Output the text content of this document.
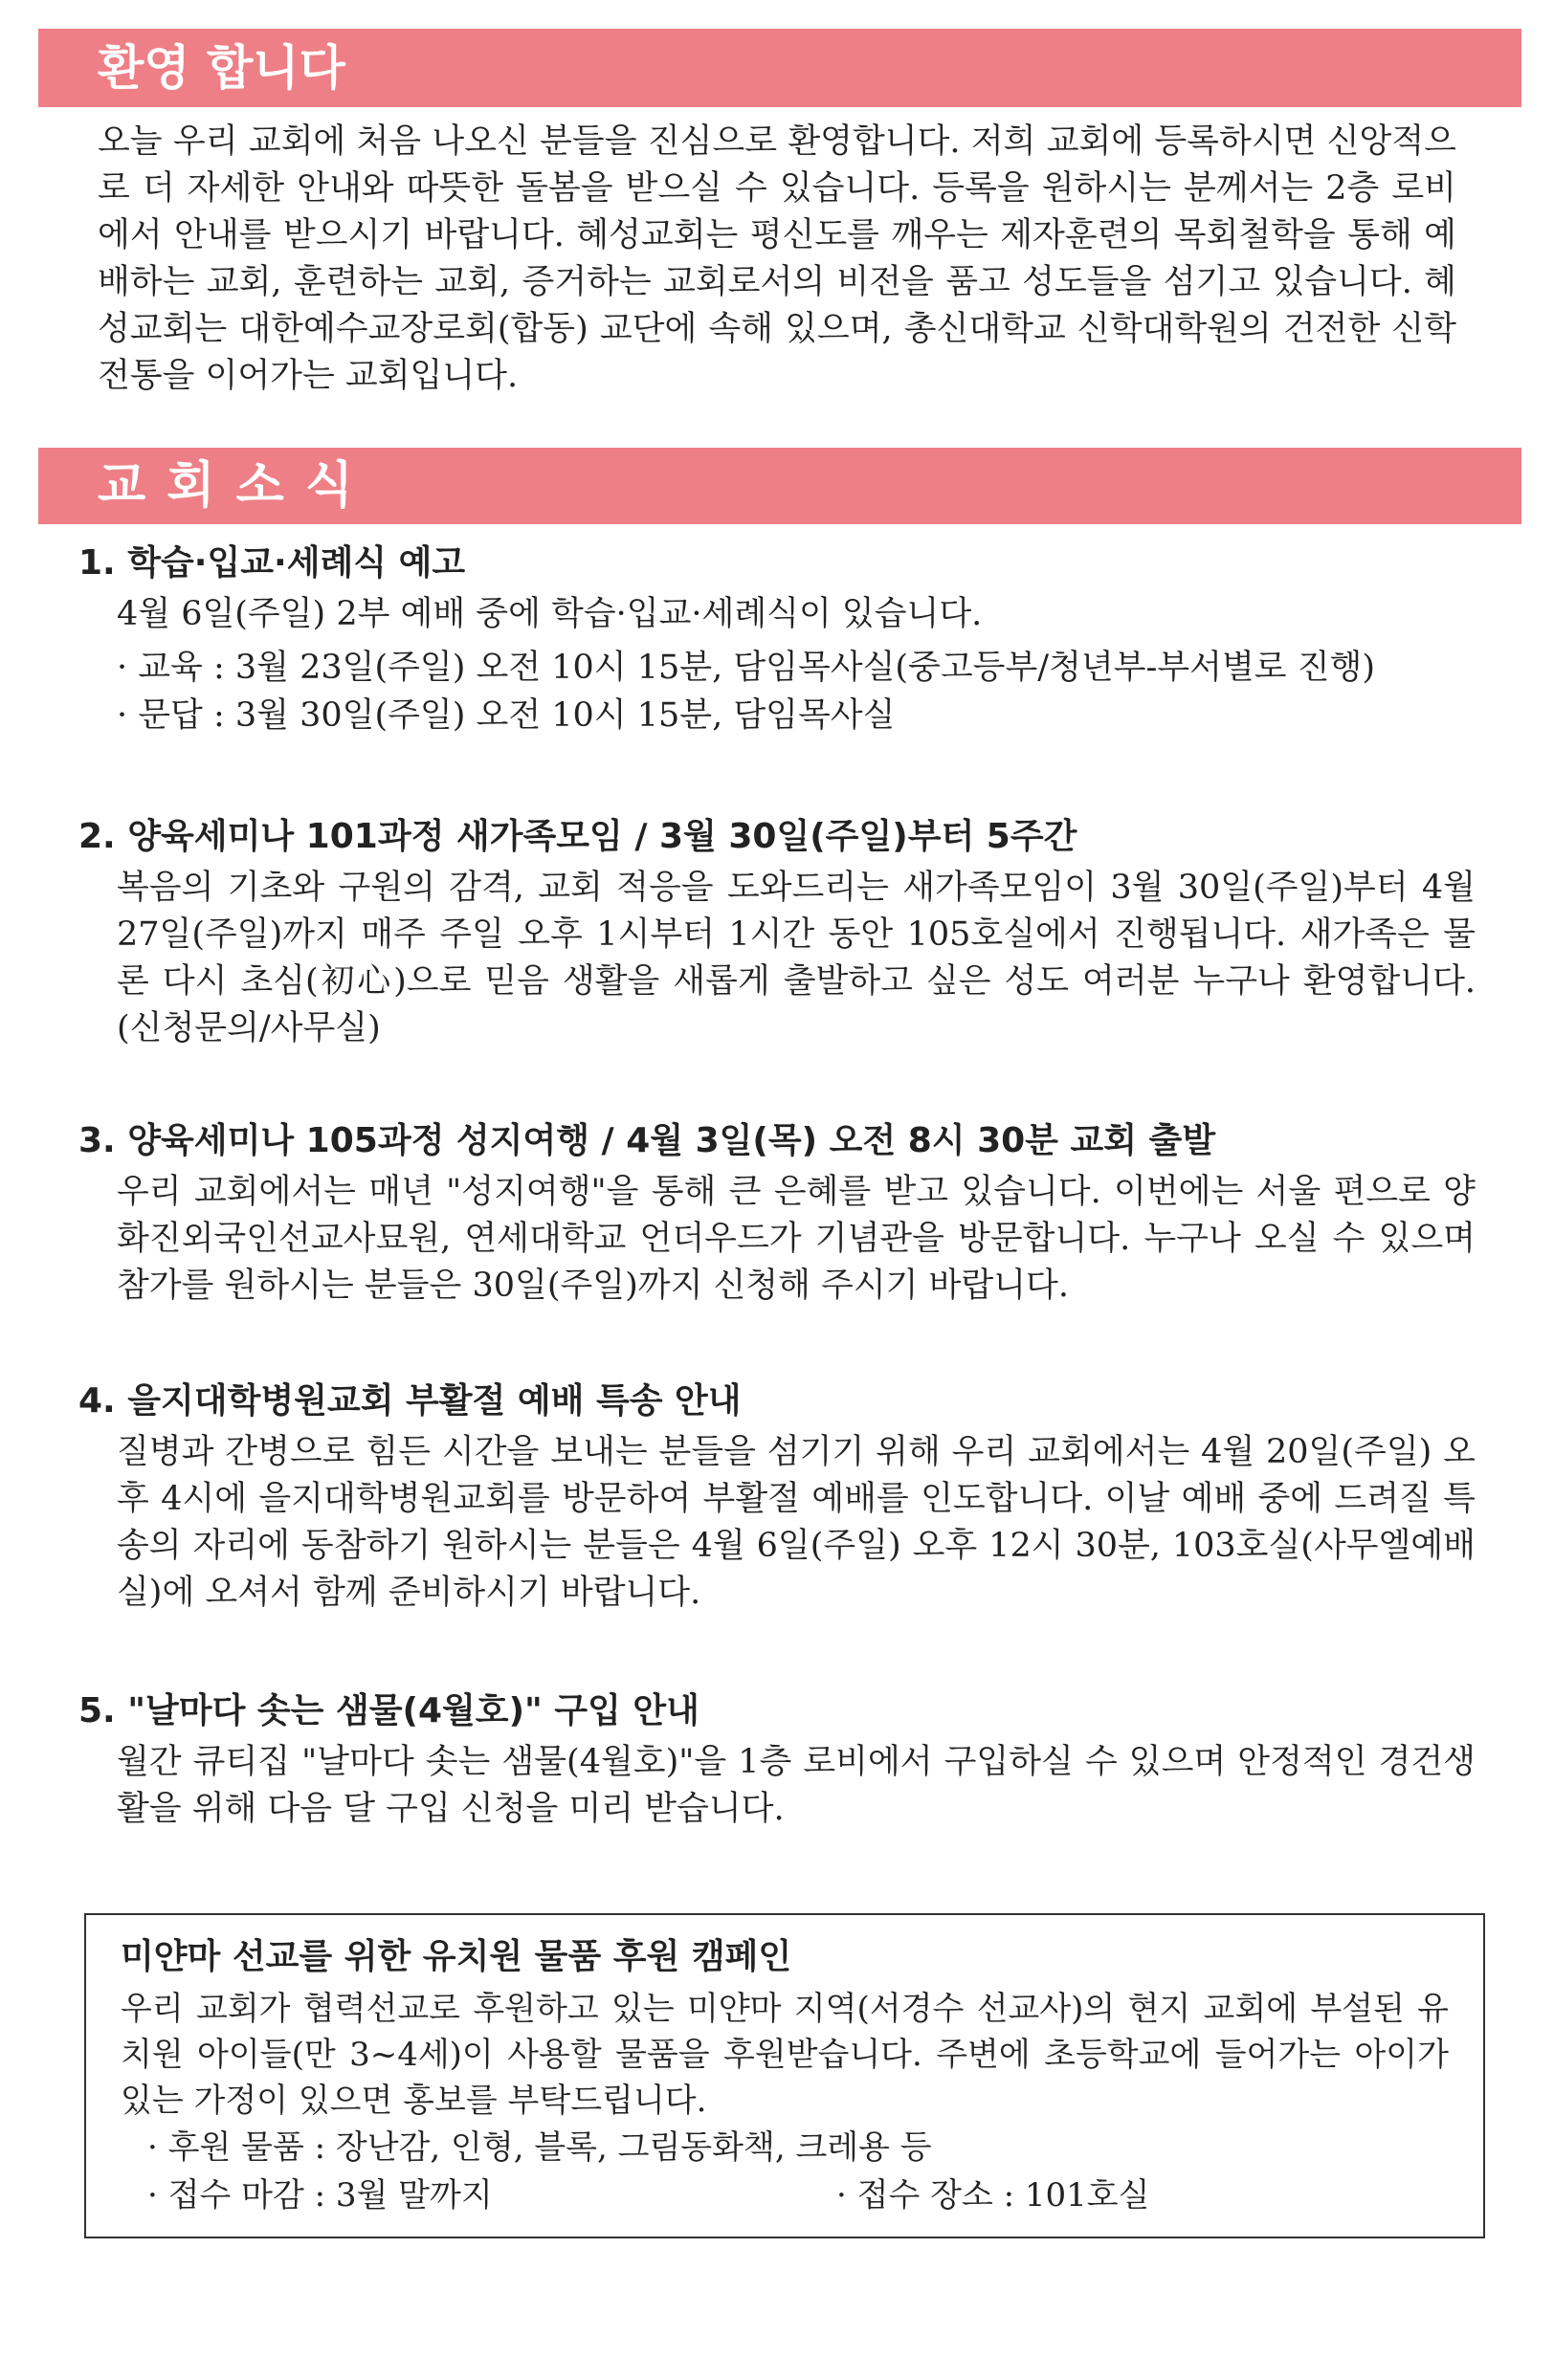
환영 합니다
오늘 우리 교회에 처음 나오신 분들을 진심으로 환영합니다. 저희 교회에 등록하시면 신앙적으로 더 자세한 안내와 따뜻한 돌봄을 받으실 수 있습니다. 등록을 원하시는 분께서는 2층 로비에서 안내를 받으시기 바랍니다. 혜성교회는 평신도를 깨우는 제자훈련의 목회철학을 통해 예배하는 교회, 훈련하는 교회, 증거하는 교회로서의 비전을 품고 성도들을 섬기고 있습니다. 혜성교회는 대한예수교장로회(합동) 교단에 속해 있으며, 총신대학교 신학대학원의 건전한 신학전통을 이어가는 교회입니다.
교회소식
1. 학습·입교·세례식 예고
4월 6일(주일) 2부 예배 중에 학습·입교·세례식이 있습니다.
· 교육 : 3월 23일(주일) 오전 10시 15분, 담임목사실(중고등부/청년부-부서별로 진행)
· 문답 : 3월 30일(주일) 오전 10시 15분, 담임목사실
2. 양육세미나 101과정 새가족모임 / 3월 30일(주일)부터 5주간
복음의 기초와 구원의 감격, 교회 적응을 도와드리는 새가족모임이 3월 30일(주일)부터 4월 27일(주일)까지 매주 주일 오후 1시부터 1시간 동안 105호실에서 진행됩니다. 새가족은 물론 다시 초심(初心)으로 믿음 생활을 새롭게 출발하고 싶은 성도 여러분 누구나 환영합니다. (신청문의/사무실)
3. 양육세미나 105과정 성지여행 / 4월 3일(목) 오전 8시 30분 교회 출발
우리 교회에서는 매년 "성지여행"을 통해 큰 은혜를 받고 있습니다. 이번에는 서울 편으로 양화진외국인선교사묘원, 연세대학교 언더우드가 기념관을 방문합니다. 누구나 오실 수 있으며 참가를 원하시는 분들은 30일(주일)까지 신청해 주시기 바랍니다.
4. 을지대학병원교회 부활절 예배 특송 안내
질병과 간병으로 힘든 시간을 보내는 분들을 섬기기 위해 우리 교회에서는 4월 20일(주일) 오후 4시에 을지대학병원교회를 방문하여 부활절 예배를 인도합니다. 이날 예배 중에 드려질 특송의 자리에 동참하기 원하시는 분들은 4월 6일(주일) 오후 12시 30분, 103호실(사무엘예배실)에 오셔서 함께 준비하시기 바랍니다.
5. "날마다 솟는 샘물(4월호)" 구입 안내
월간 큐티집 "날마다 솟는 샘물(4월호)"을 1층 로비에서 구입하실 수 있으며 안정적인 경건생활을 위해 다음 달 구입 신청을 미리 받습니다.
미얀마 선교를 위한 유치원 물품 후원 캠페인
우리 교회가 협력선교로 후원하고 있는 미얀마 지역(서경수 선교사)의 현지 교회에 부설된 유치원 아이들(만 3~4세)이 사용할 물품을 후원받습니다. 주변에 초등학교에 들어가는 아이가 있는 가정이 있으면 홍보를 부탁드립니다.
· 후원 물품 : 장난감, 인형, 블록, 그림동화책, 크레용 등
· 접수 마감 : 3월 말까지	· 접수 장소 : 101호실
